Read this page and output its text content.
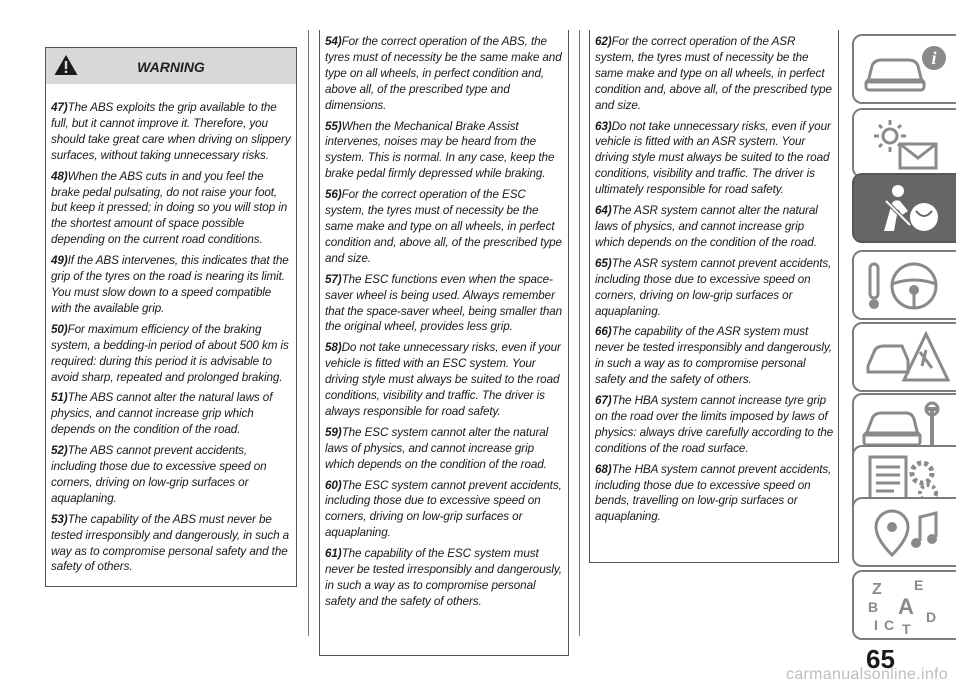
WARNING

47)The ABS exploits the grip available to the full, but it cannot improve it. Therefore, you should take great care when driving on slippery surfaces, without taking unnecessary risks.

48)When the ABS cuts in and you feel the brake pedal pulsating, do not raise your foot, but keep it pressed; in doing so you will stop in the shortest amount of space possible depending on the current road conditions.

49)If the ABS intervenes, this indicates that the grip of the tyres on the road is nearing its limit. You must slow down to a speed compatible with the available grip.

50)For maximum efficiency of the braking system, a bedding-in period of about 500 km is required: during this period it is advisable to avoid sharp, repeated and prolonged braking.

51)The ABS cannot alter the natural laws of physics, and cannot increase grip which depends on the condition of the road.

52)The ABS cannot prevent accidents, including those due to excessive speed on corners, driving on low-grip surfaces or aquaplaning.

53)The capability of the ABS must never be tested irresponsibly and dangerously, in such a way as to compromise personal safety and the safety of others.

54)For the correct operation of the ABS, the tyres must of necessity be the same make and type on all wheels, in perfect condition and, above all, of the prescribed type and dimensions.

55)When the Mechanical Brake Assist intervenes, noises may be heard from the system. This is normal. In any case, keep the brake pedal firmly depressed while braking.

56)For the correct operation of the ESC system, the tyres must of necessity be the same make and type on all wheels, in perfect condition and, above all, of the prescribed type and size.

57)The ESC functions even when the space-saver wheel is being used. Always remember that the space-saver wheel, being smaller than the original wheel, provides less grip.

58)Do not take unnecessary risks, even if your vehicle is fitted with an ESC system. Your driving style must always be suited to the road conditions, visibility and traffic. The driver is always responsible for road safety.

59)The ESC system cannot alter the natural laws of physics, and cannot increase grip which depends on the condition of the road.

60)The ESC system cannot prevent accidents, including those due to excessive speed on corners, driving on low-grip surfaces or aquaplaning.

61)The capability of the ESC system must never be tested irresponsibly and dangerously, in such a way as to compromise personal safety and the safety of others.

62)For the correct operation of the ASR system, the tyres must of necessity be the same make and type on all wheels, in perfect condition and, above all, of the prescribed type and size.

63)Do not take unnecessary risks, even if your vehicle is fitted with an ASR system. Your driving style must always be suited to the road conditions, visibility and traffic. The driver is ultimately responsible for road safety.

64)The ASR system cannot alter the natural laws of physics, and cannot increase grip which depends on the condition of the road.

65)The ASR system cannot prevent accidents, including those due to excessive speed on corners, driving on low-grip surfaces or aquaplaning.

66)The capability of the ASR system must never be tested irresponsibly and dangerously, in such a way as to compromise personal safety and the safety of others.

67)The HBA system cannot increase tyre grip on the road over the limits imposed by laws of physics: always drive carefully according to the conditions of the road surface.

68)The HBA system cannot prevent accidents, including those due to excessive speed on bends, travelling on low-grip surfaces or aquaplaning.

i
Z E
B A D
I C T
65
carmanualsonline.info
